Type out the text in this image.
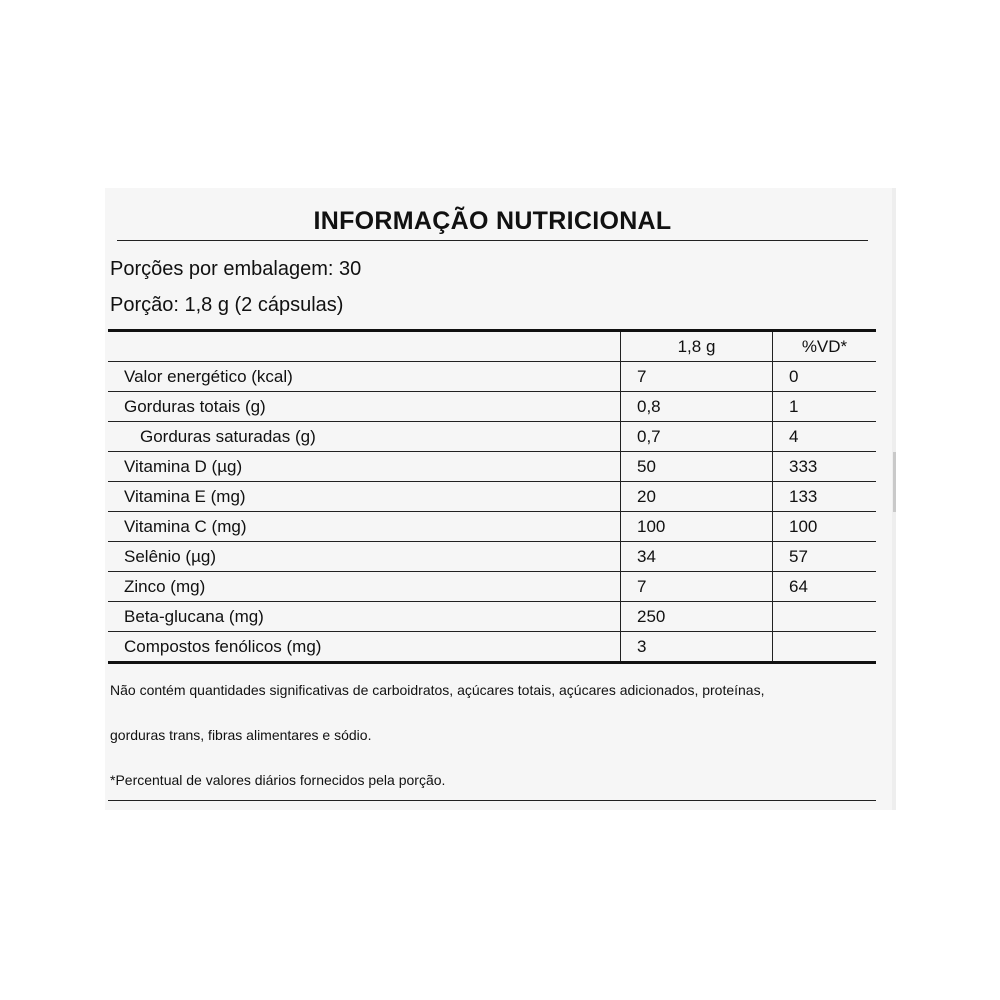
INFORMAÇÃO NUTRICIONAL
Porções por embalagem: 30
Porção: 1,8 g (2 cápsulas)
	1,8 g	%VD*
Valor energético (kcal)	7	0
Gorduras totais (g)	0,8	1
Gorduras saturadas (g)	0,7	4
Vitamina D (µg)	50	333
Vitamina E (mg)	20	133
Vitamina C (mg)	100	100
Selênio (µg)	34	57
Zinco (mg)	7	64
Beta-glucana (mg)	250	
Compostos fenólicos (mg)	3	
Não contém quantidades significativas de carboidratos, açúcares totais, açúcares adicionados, proteínas,
gorduras trans, fibras alimentares e sódio.
*Percentual de valores diários fornecidos pela porção.
